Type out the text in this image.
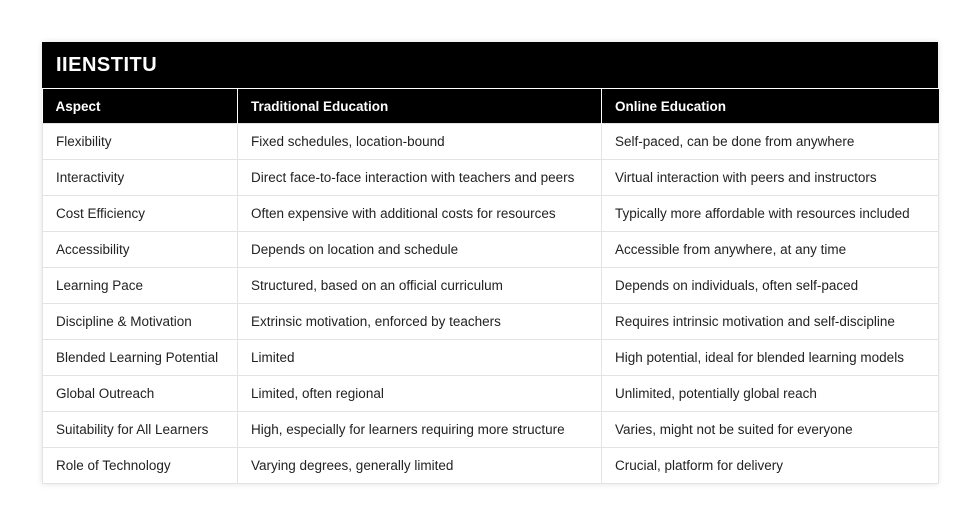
IIENSTITU
Aspect	Traditional Education	Online Education
Flexibility	Fixed schedules, location-bound	Self-paced, can be done from anywhere
Interactivity	Direct face-to-face interaction with teachers and peers	Virtual interaction with peers and instructors
Cost Efficiency	Often expensive with additional costs for resources	Typically more affordable with resources included
Accessibility	Depends on location and schedule	Accessible from anywhere, at any time
Learning Pace	Structured, based on an official curriculum	Depends on individuals, often self-paced
Discipline & Motivation	Extrinsic motivation, enforced by teachers	Requires intrinsic motivation and self-discipline
Blended Learning Potential	Limited	High potential, ideal for blended learning models
Global Outreach	Limited, often regional	Unlimited, potentially global reach
Suitability for All Learners	High, especially for learners requiring more structure	Varies, might not be suited for everyone
Role of Technology	Varying degrees, generally limited	Crucial, platform for delivery
